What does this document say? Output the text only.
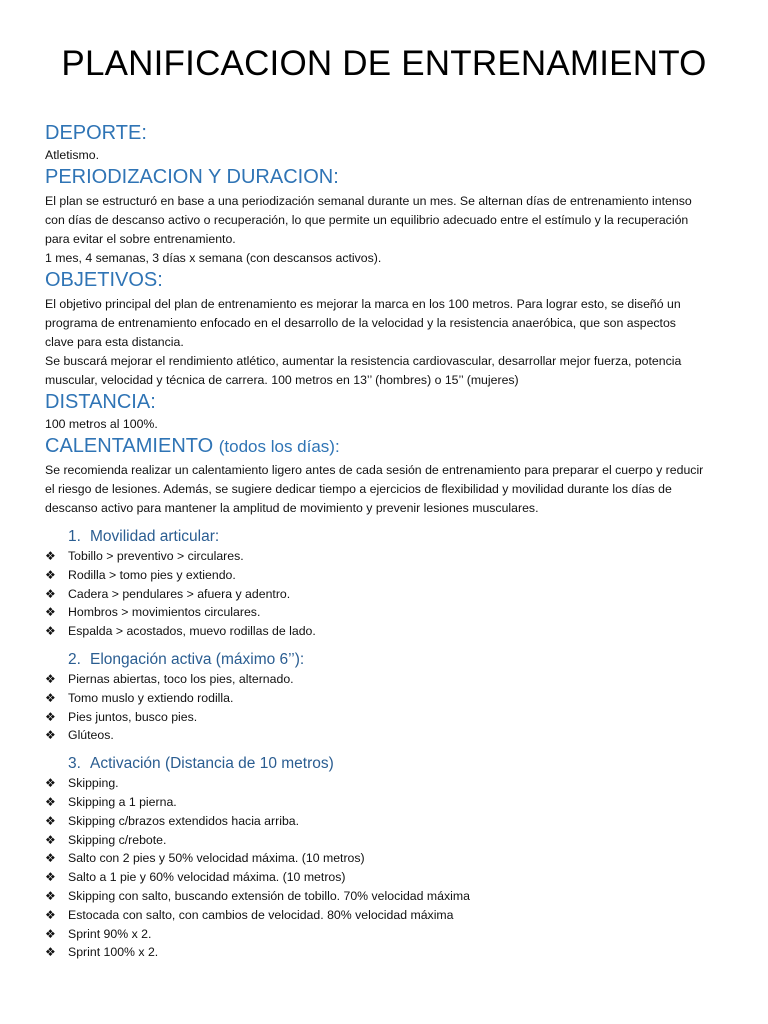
PLANIFICACION DE ENTRENAMIENTO
DEPORTE:

Atletismo.

PERIODIZACION Y DURACION:

El plan se estructuró en base a una periodización semanal durante un mes. Se alternan días de entrenamiento intenso

con días de descanso activo o recuperación, lo que permite un equilibrio adecuado entre el estímulo y la recuperación

para evitar el sobre entrenamiento.

1 mes, 4 semanas, 3 días x semana (con descansos activos).

OBJETIVOS:

El objetivo principal del plan de entrenamiento es mejorar la marca en los 100 metros. Para lograr esto, se diseñó un

programa de entrenamiento enfocado en el desarrollo de la velocidad y la resistencia anaeróbica, que son aspectos

clave para esta distancia.

Se buscará mejorar el rendimiento atlético, aumentar la resistencia cardiovascular, desarrollar mejor fuerza, potencia

muscular, velocidad y técnica de carrera. 100 metros en 13’’ (hombres) o 15’’ (mujeres)

DISTANCIA:

100 metros al 100%.

CALENTAMIENTO (todos los días):

Se recomienda realizar un calentamiento ligero antes de cada sesión de entrenamiento para preparar el cuerpo y reducir

el riesgo de lesiones. Además, se sugiere dedicar tiempo a ejercicios de flexibilidad y movilidad durante los días de

descanso activo para mantener la amplitud de movimiento y prevenir lesiones musculares.

1. Movilidad articular:
❖ Tobillo > preventivo > circulares.
❖ Rodilla > tomo pies y extiendo.
❖ Cadera > pendulares > afuera y adentro.
❖ Hombros > movimientos circulares.
❖ Espalda > acostados, muevo rodillas de lado.
2. Elongación activa (máximo 6’’):
❖ Piernas abiertas, toco los pies, alternado.
❖ Tomo muslo y extiendo rodilla.
❖ Pies juntos, busco pies.
❖ Glúteos.
3. Activación (Distancia de 10 metros)
❖ Skipping.
❖ Skipping a 1 pierna.
❖ Skipping c/brazos extendidos hacia arriba.
❖ Skipping c/rebote.
❖ Salto con 2 pies y 50% velocidad máxima. (10 metros)
❖ Salto a 1 pie y 60% velocidad máxima. (10 metros)
❖ Skipping con salto, buscando extensión de tobillo. 70% velocidad máxima
❖ Estocada con salto, con cambios de velocidad. 80% velocidad máxima
❖ Sprint 90% x 2.
❖ Sprint 100% x 2.
